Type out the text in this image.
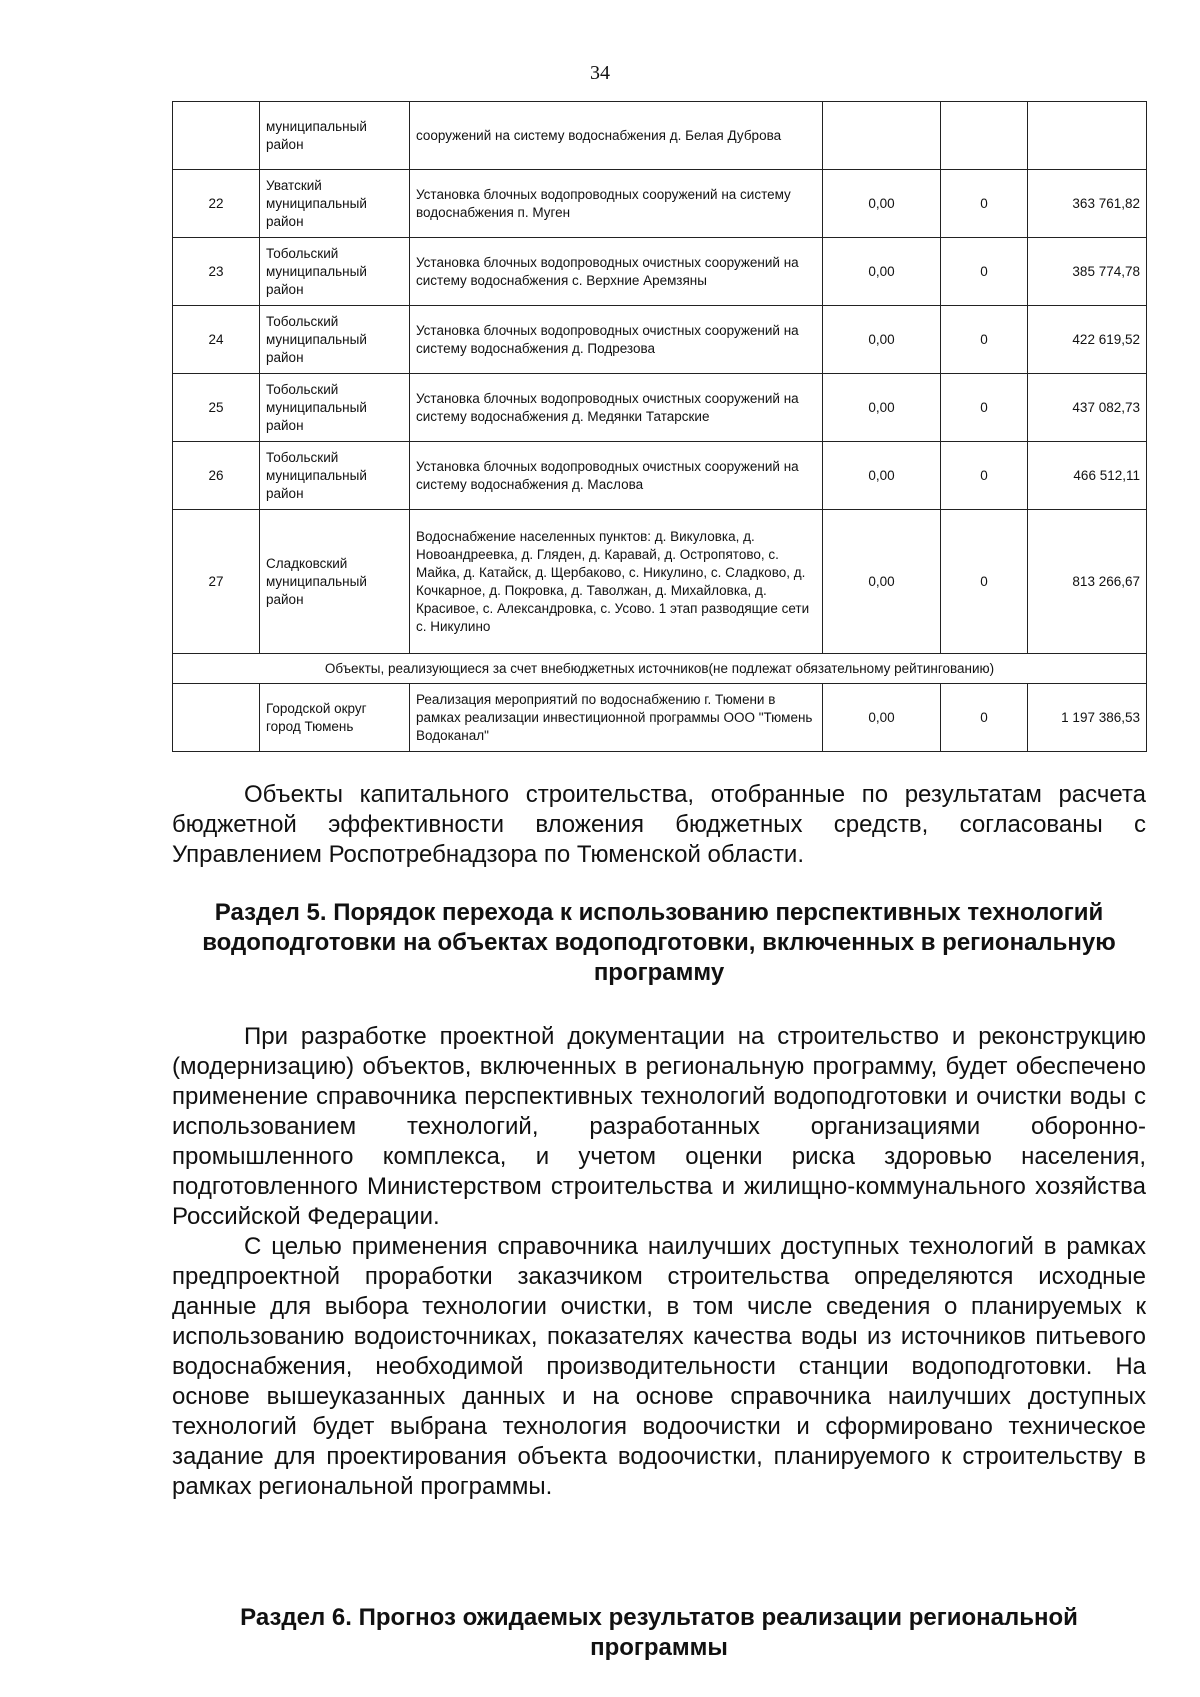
34
	муниципальный район	сооружений на систему водоснабжения д. Белая Дуброва			
22	Уватский муниципальный район	Установка блочных водопроводных сооружений на систему водоснабжения п. Муген	0,00	0	363 761,82
23	Тобольский муниципальный район	Установка блочных водопроводных очистных сооружений на систему водоснабжения с. Верхние Аремзяны	0,00	0	385 774,78
24	Тобольский муниципальный район	Установка блочных водопроводных очистных сооружений на систему водоснабжения д. Подрезова	0,00	0	422 619,52
25	Тобольский муниципальный район	Установка блочных водопроводных очистных сооружений на систему водоснабжения д. Медянки Татарские	0,00	0	437 082,73
26	Тобольский муниципальный район	Установка блочных водопроводных очистных сооружений на систему водоснабжения д. Маслова	0,00	0	466 512,11
27	Сладковский муниципальный район	Водоснабжение населенных пунктов: д. Викуловка, д. Новоандреевка, д. Гляден, д. Каравай, д. Остропятово, с. Майка, д. Катайск, д. Щербаково, с. Никулино, с. Сладково, д. Кочкарное, д. Покровка, д. Таволжан, д. Михайловка, д. Красивое, с. Александровка, с. Усово. 1 этап разводящие сети с. Никулино	0,00	0	813 266,67
Объекты, реализующиеся за счет внебюджетных источников(не подлежат обязательному рейтингованию)					
	Городской округ город Тюмень	Реализация мероприятий по водоснабжению г. Тюмени в рамках реализации инвестиционной программы ООО "Тюмень Водоканал"	0,00	0	1 197 386,53

Объекты капитального строительства, отобранные по результатам расчета бюджетной эффективности вложения бюджетных средств, согласованы с Управлением Роспотребнадзора по Тюменской области.

Раздел 5. Порядок перехода к использованию перспективных технологий водоподготовки на объектах водоподготовки, включенных в региональную программу

При разработке проектной документации на строительство и реконструкцию (модернизацию) объектов, включенных в региональную программу, будет обеспечено применение справочника перспективных технологий водоподготовки и очистки воды с использованием технологий, разработанных организациями оборонно-промышленного комплекса, и учетом оценки риска здоровью населения, подготовленного Министерством строительства и жилищно-коммунального хозяйства Российской Федерации.

С целью применения справочника наилучших доступных технологий в рамках предпроектной проработки заказчиком строительства определяются исходные данные для выбора технологии очистки, в том числе сведения о планируемых к использованию водоисточниках, показателях качества воды из источников питьевого водоснабжения, необходимой производительности станции водоподготовки. На основе вышеуказанных данных и на основе справочника наилучших доступных технологий будет выбрана технология водоочистки и сформировано техническое задание для проектирования объекта водоочистки, планируемого к строительству в рамках региональной программы.

Раздел 6. Прогноз ожидаемых результатов реализации региональной программы
